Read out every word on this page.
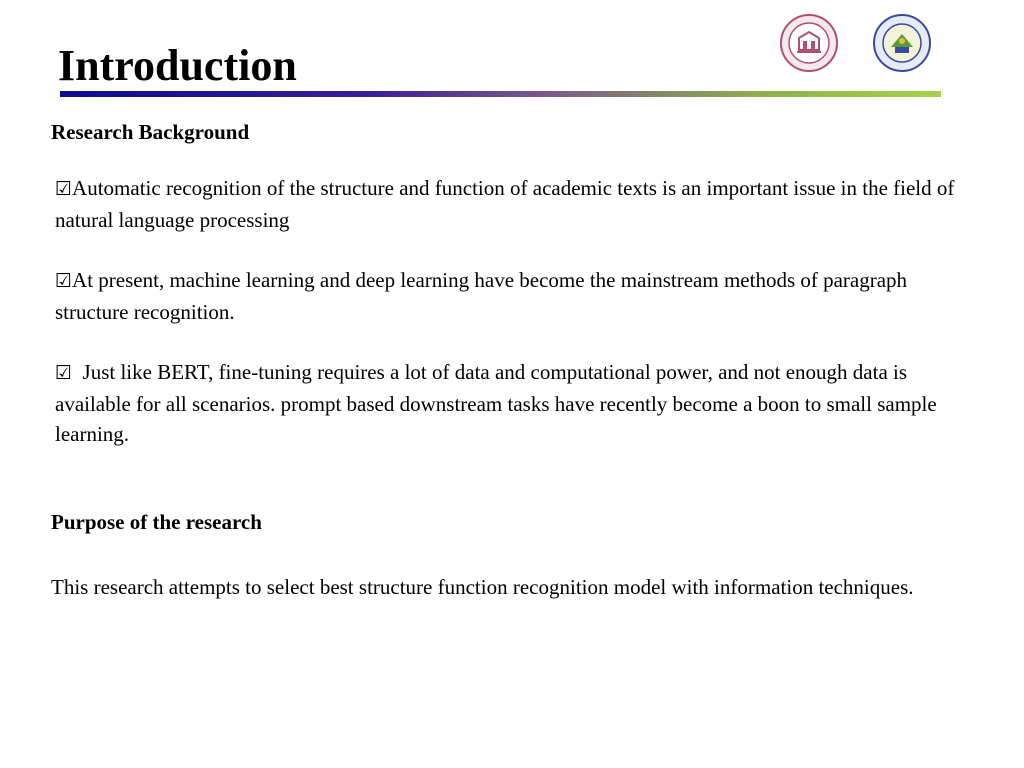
Introduction
Research Background
☑Automatic recognition of the structure and function of academic texts is an important issue in the field of natural language processing
☑At present, machine learning and deep learning have become the mainstream methods of paragraph structure recognition.
☑ Just like BERT, fine-tuning requires a lot of data and computational power, and not enough data is available for all scenarios. prompt based downstream tasks have recently become a boon to small sample learning.
Purpose of the research
This research attempts to select best structure function recognition model with information techniques.
